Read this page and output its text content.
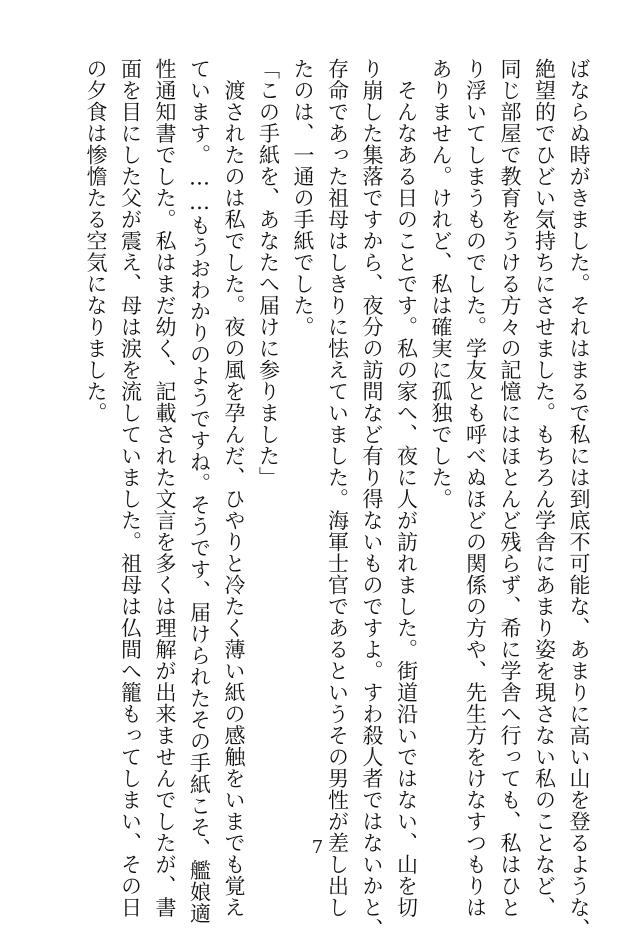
ばならぬ時がきました。それはまるで私には到底不可能な、あまりに高い山を登るような、
絶望的でひどい気持ちにさせました。もちろん学舎にあまり姿を現さない私のことなど、
同じ部屋で教育をうける方々の記憶にはほとんど残らず、希に学舎へ行っても、私はひと
り浮いてしまうものでした。学友とも呼べぬほどの関係の方や、先生方をけなすつもりは
ありません。けれど、私は確実に孤独でした。
　そんなある日のことです。私の家へ、夜に人が訪れました。街道沿いではない、山を切
り崩した集落ですから、夜分の訪問など有り得ないものですよ。すわ殺人者ではないかと、
存命であった祖母はしきりに怯えていました。海軍士官であるというその男性が差し出し
たのは、一通の手紙でした。
「この手紙を、あなたへ届けに参りました」
　渡されたのは私でした。夜の風を孕んだ、ひやりと冷たく薄い紙の感触をいまでも覚え
ています。……もうおわかりのようですね。そうです、届けられたその手紙こそ、艦娘適
性通知書でした。私はまだ幼く、記載された文言を多くは理解が出来ませんでしたが、書
面を目にした父が震え、母は涙を流していました。祖母は仏間へ籠もってしまい、その日
の夕食は惨憺たる空気になりました。
7
